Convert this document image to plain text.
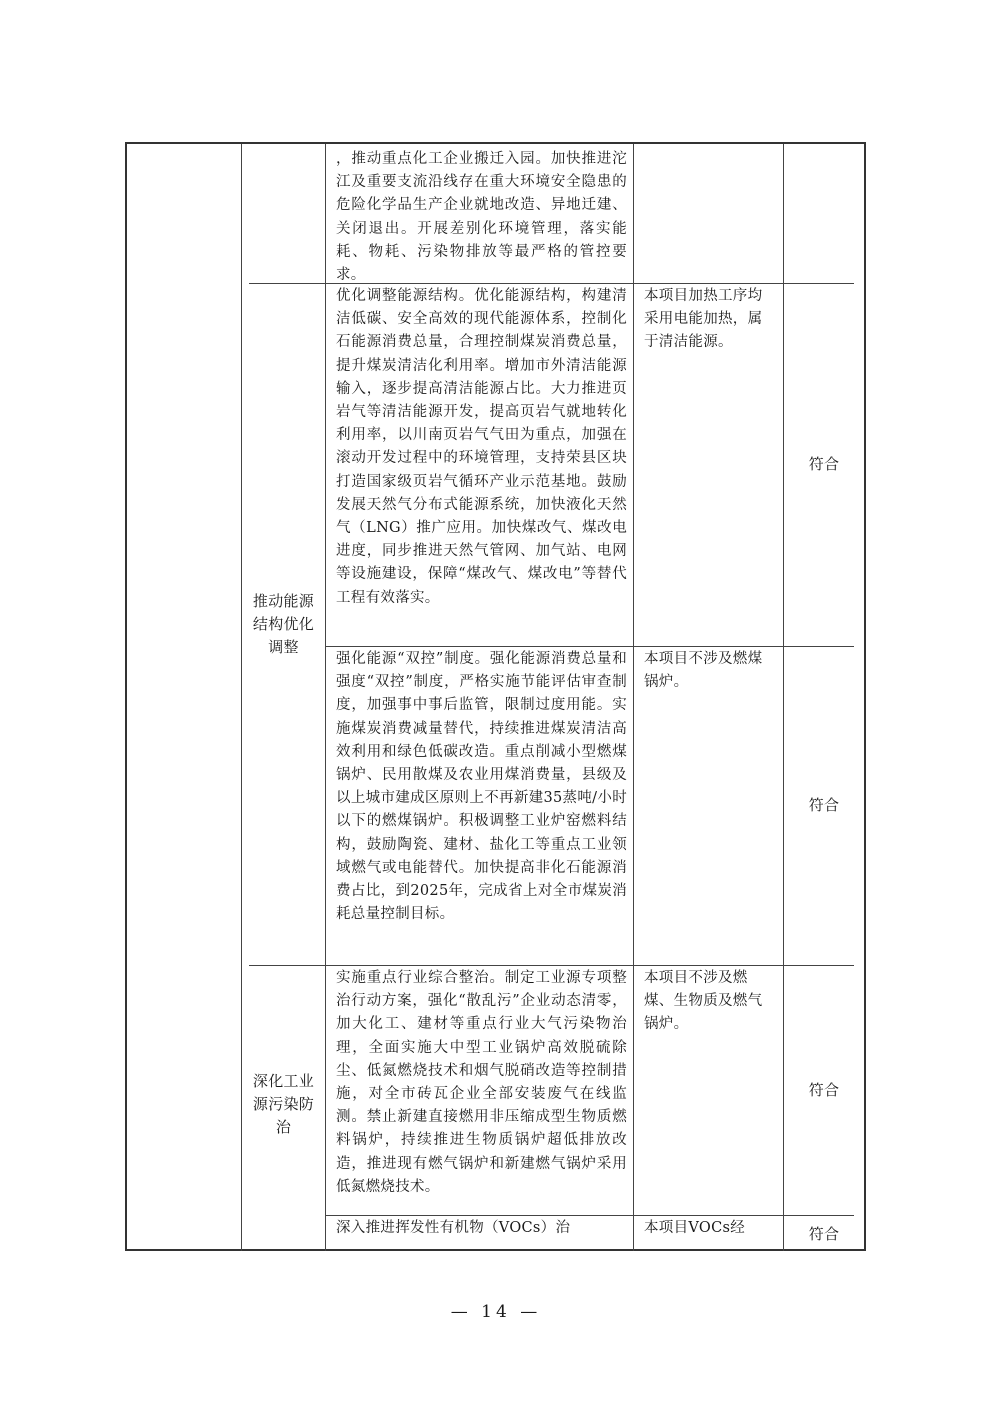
，推动重点化工企业搬迁入园。加快推进沱江及重要支流沿线存在重大环境安全隐患的危险化学品生产企业就地改造、异地迁建、关闭退出。开展差别化环境管理，落实能耗、物耗、污染物排放等最严格的管控要求。
优化调整能源结构。优化能源结构，构建清洁低碳、安全高效的现代能源体系，控制化石能源消费总量，合理控制煤炭消费总量，提升煤炭清洁化利用率。增加市外清洁能源输入，逐步提高清洁能源占比。大力推进页岩气等清洁能源开发，提高页岩气就地转化利用率，以川南页岩气气田为重点，加强在滚动开发过程中的环境管理，支持荣县区块打造国家级页岩气循环产业示范基地。鼓励发展天然气分布式能源系统，加快液化天然气（LNG）推广应用。加快煤改气、煤改电进度，同步推进天然气管网、加气站、电网等设施建设，保障“煤改气、煤改电”等替代工程有效落实。
本项目加热工序均采用电能加热，属于清洁能源。
符合
推动能源结构优化调整
强化能源“双控”制度。强化能源消费总量和强度“双控”制度，严格实施节能评估审查制度，加强事中事后监管，限制过度用能。实施煤炭消费减量替代，持续推进煤炭清洁高效利用和绿色低碳改造。重点削减小型燃煤锅炉、民用散煤及农业用煤消费量，县级及以上城市建成区原则上不再新建35蒸吨/小时以下的燃煤锅炉。积极调整工业炉窑燃料结构，鼓励陶瓷、建材、盐化工等重点工业领域燃气或电能替代。加快提高非化石能源消费占比，到2025年，完成省上对全市煤炭消耗总量控制目标。
本项目不涉及燃煤锅炉。
符合
实施重点行业综合整治。制定工业源专项整治行动方案，强化“散乱污”企业动态清零，加大化工、建材等重点行业大气污染物治理，全面实施大中型工业锅炉高效脱硫除尘、低氮燃烧技术和烟气脱硝改造等控制措施，对全市砖瓦企业全部安装废气在线监测。禁止新建直接燃用非压缩成型生物质燃料锅炉，持续推进生物质锅炉超低排放改造，推进现有燃气锅炉和新建燃气锅炉采用低氮燃烧技术。
本项目不涉及燃煤、生物质及燃气锅炉。
符合
深化工业源污染防治
深入推进挥发性有机物（VOCs）治	本项目VOCs经	符合
— 14 —
